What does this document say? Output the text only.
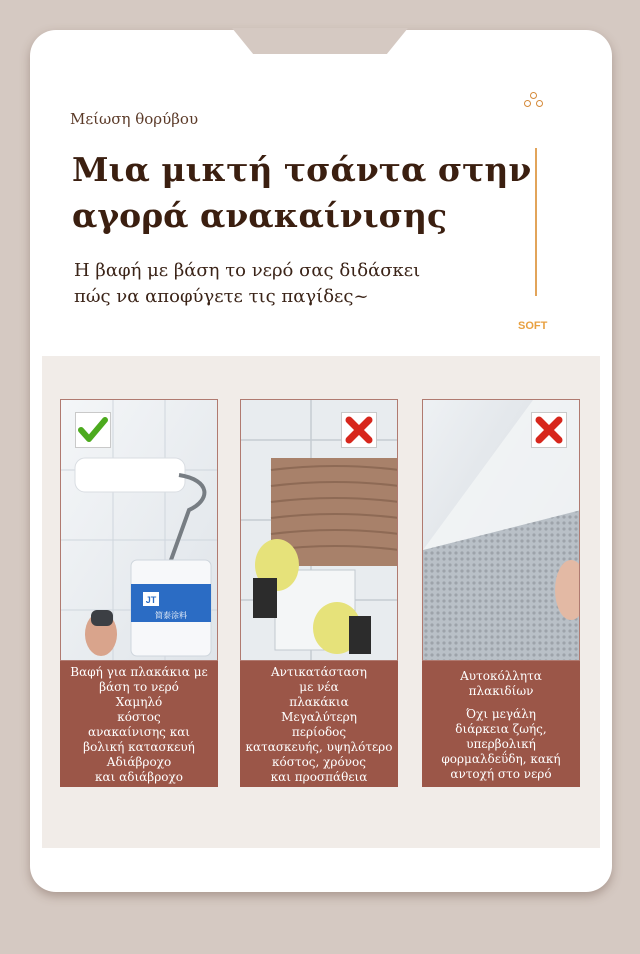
Μείωση θορύβου
Μια μικτή τσάντα στην
αγορά ανακαίνισης
Η βαφή με βάση το νερό σας διδάσκει
πώς να αποφύγετε τις παγίδες~
SOFT
JT
简泰涂料
Βαφή για πλακάκια με
βάση το νερό
Χαμηλό
κόστος
ανακαίνισης και
βολική κατασκευή
Αδιάβροχο
και αδιάβροχο
Αντικατάσταση
με νέα
πλακάκια
Μεγαλύτερη
περίοδος
κατασκευής, υψηλότερο
κόστος, χρόνος
και προσπάθεια
Αυτοκόλλητα
πλακιδίων
Όχι μεγάλη
διάρκεια ζωής,
υπερβολική
φορμαλδεΰδη, κακή
αντοχή στο νερό
